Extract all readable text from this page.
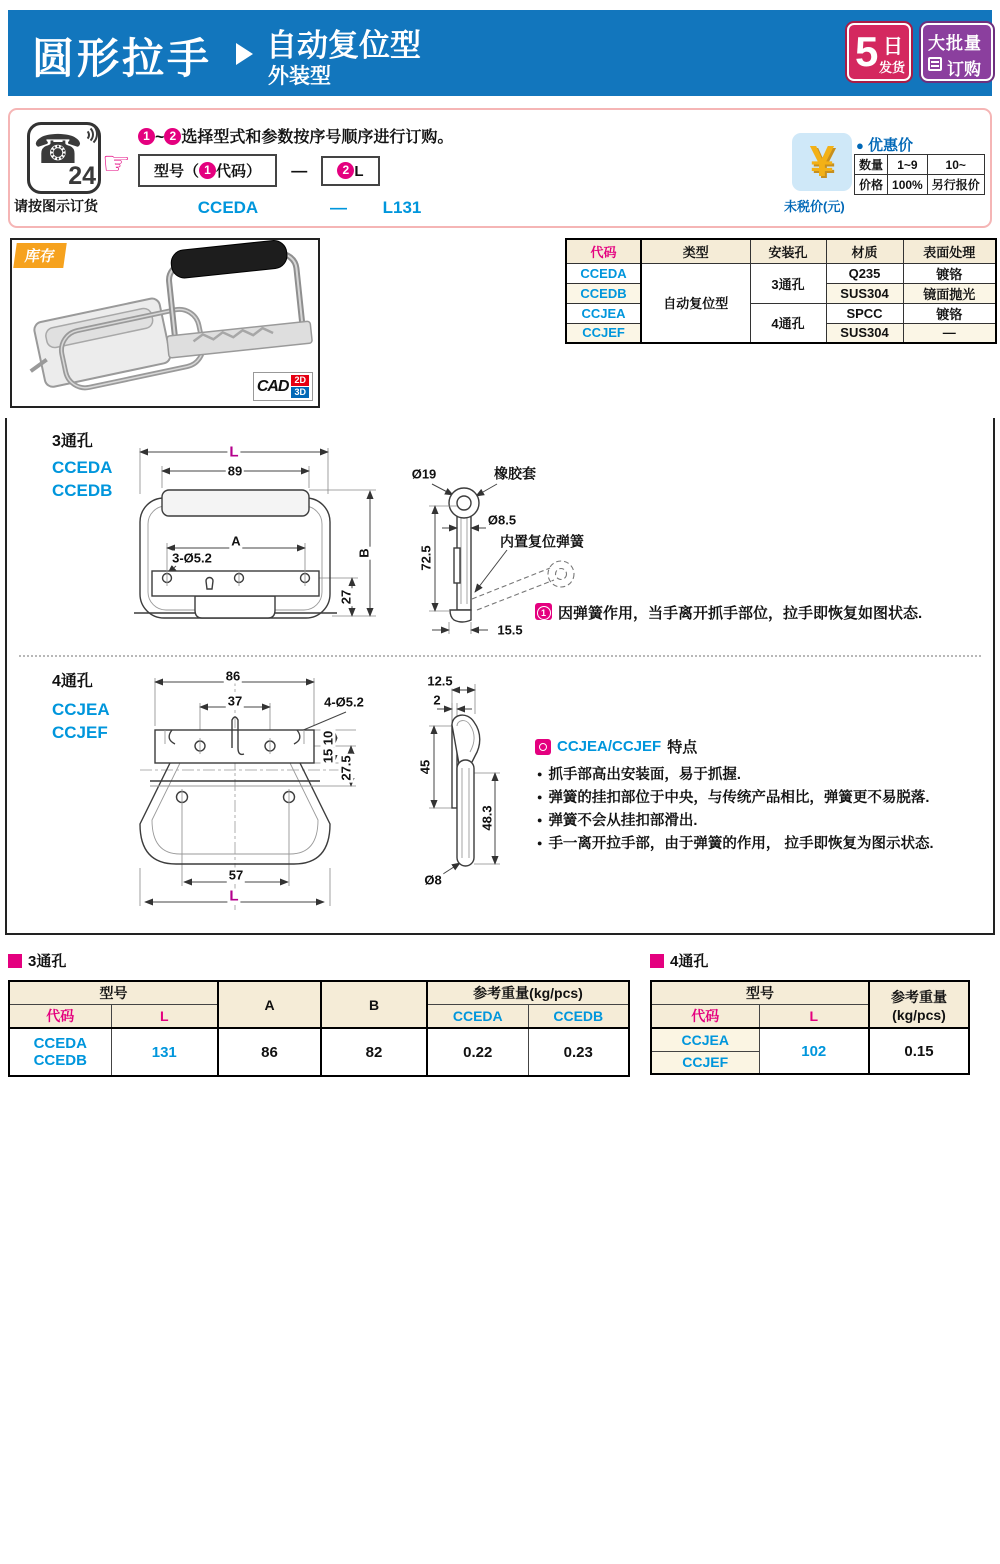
圆形拉手 自动复位型
外装型
5 日
发货
大批量
订购
☎
24
请按图示订货
☞
1 ~ 2 选择型式和参数按序号顺序进行订购。
型号（ 1 代码） —	2 L
CCEDA	—	L131
¥
未税价(元)
● 优惠价
数量	1~9	10~
价格	100%	另行报价
库存
CAD 2D
3D
代码	类型	安装孔	材质	表面处理
CCEDA	自动复位型	3通孔	Q235	镀铬
CCEDB			SUS304	镜面抛光
CCJEA		4通孔	SPCC	镀铬
CCJEF			SUS304	—
3通孔
CCEDA
CCEDB
L
89
A
3-Ø5.2	B
27
Ø19	橡胶套
Ø8.5
72.5
内置复位弹簧
15.5
1 因弹簧作用，当手离开抓手部位，拉手即恢复如图状态.
4通孔
CCJEA
CCJEF
86
37	4-Ø5.2
10
15 27.5
57
L
12.5
2
45
48.3
Ø8
CCJEA/CCJEF 特点
● 抓手部高出安装面，易于抓握.
● 弹簧的挂扣部位于中央，与传统产品相比，弹簧更不易脱落.
● 弹簧不会从挂扣部滑出.
● 手一离开拉手部，由于弹簧的作用， 拉手即恢复为图示状态.
3通孔
型号		A	B	参考重量(kg/pcs)	
代码	L			CCEDA	CCEDB

CCEDA
CCEDB	131	86	82	0.22	0.23
4通孔
型号		参考重量
(kg/pcs)

代码	L	
CCJEA	102	0.15
CCJEF		
